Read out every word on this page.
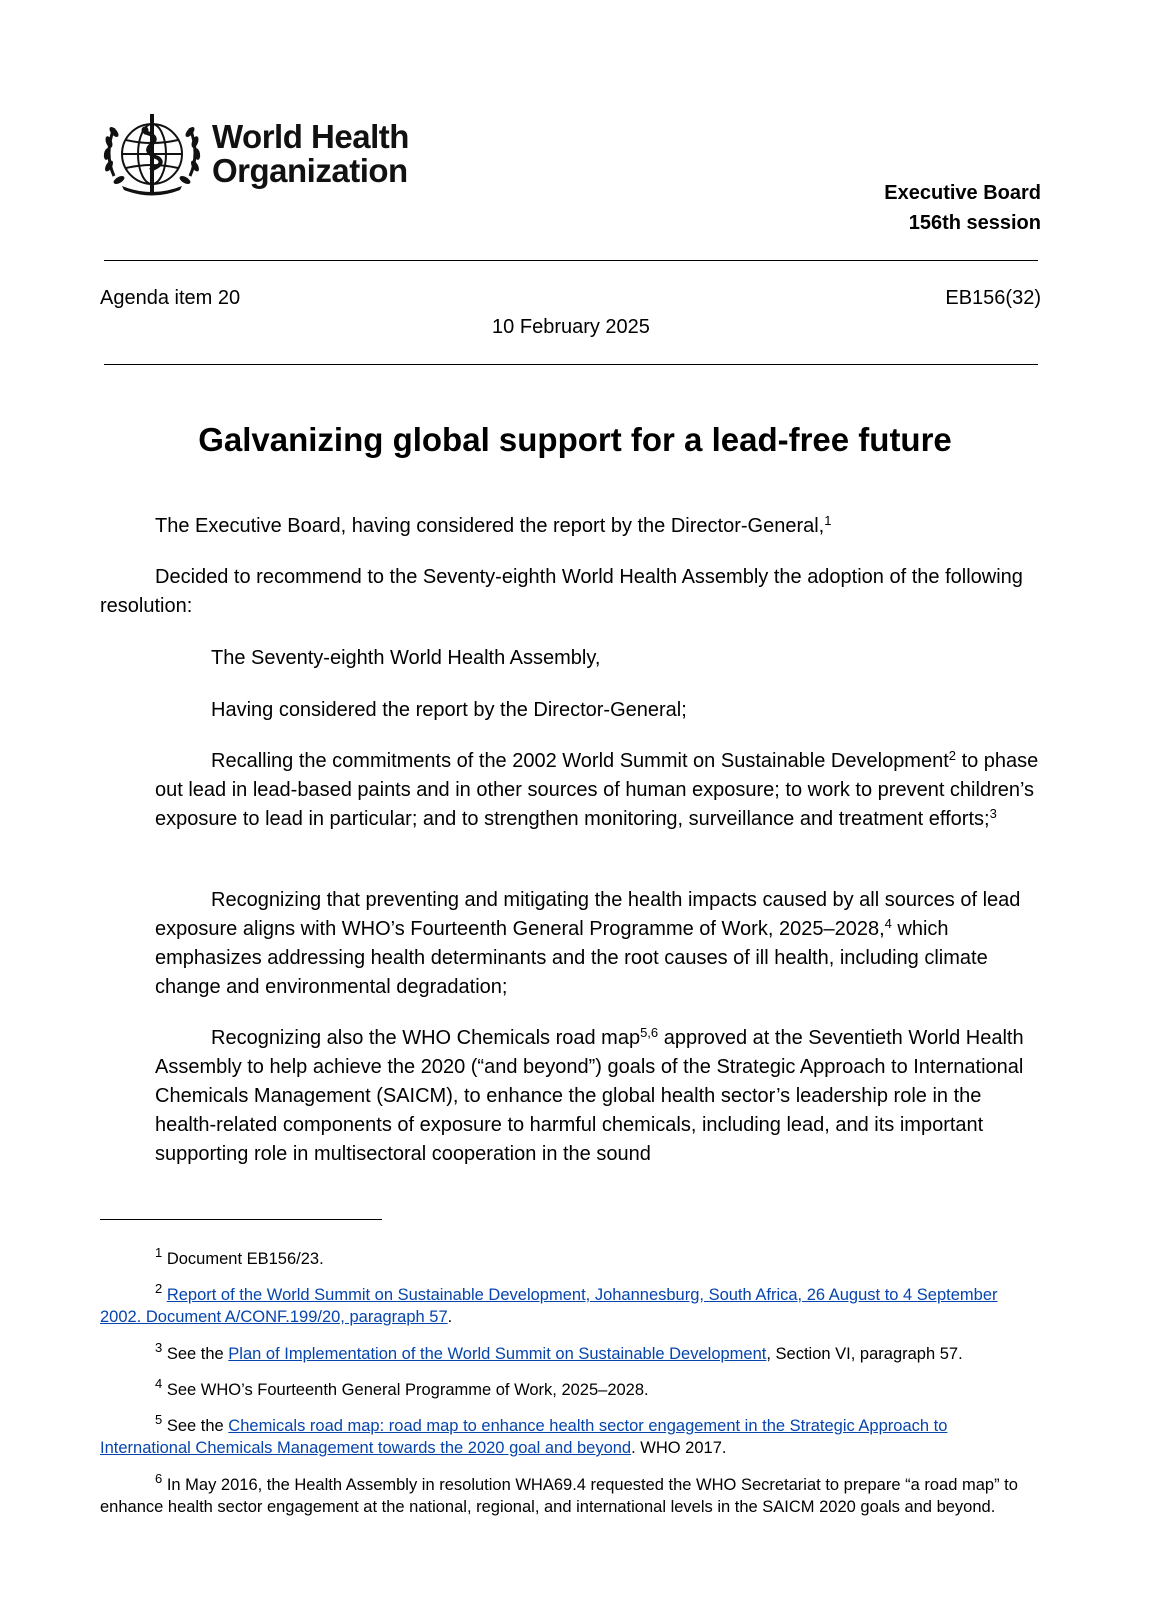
World Health
Organization
Executive Board
156th session
Agenda item 20	EB156(32)
10 February 2025
Galvanizing global support for a lead-free future
The Executive Board, having considered the report by the Director-General,$^1$
Decided to recommend to the Seventy-eighth World Health Assembly the adoption of the following resolution:
The Seventy-eighth World Health Assembly,
Having considered the report by the Director-General;
Recalling the commitments of the 2002 World Summit on Sustainable Development$^2$ to phase out lead in lead-based paints and in other sources of human exposure; to work to prevent children’s exposure to lead in particular; and to strengthen monitoring, surveillance and treatment efforts;$^3$
Recognizing that preventing and mitigating the health impacts caused by all sources of lead exposure aligns with WHO’s Fourteenth General Programme of Work, 2025–2028,$^4$ which emphasizes addressing health determinants and the root causes of ill health, including climate change and environmental degradation;
Recognizing also the WHO Chemicals road map$^{5,6}$ approved at the Seventieth World Health Assembly to help achieve the 2020 (“and beyond”) goals of the Strategic Approach to International Chemicals Management (SAICM), to enhance the global health sector’s leadership role in the health-related components of exposure to harmful chemicals, including lead, and its important supporting role in multisectoral cooperation in the sound
$^1$ Document EB156/23.
$^2$ Report of the World Summit on Sustainable Development, Johannesburg, South Africa, 26 August to 4 September 2002. Document A/CONF.199/20, paragraph 57.
$^3$ See the Plan of Implementation of the World Summit on Sustainable Development, Section VI, paragraph 57.
$^4$ See WHO’s Fourteenth General Programme of Work, 2025–2028.
$^5$ See the Chemicals road map: road map to enhance health sector engagement in the Strategic Approach to International Chemicals Management towards the 2020 goal and beyond. WHO 2017.
$^6$ In May 2016, the Health Assembly in resolution WHA69.4 requested the WHO Secretariat to prepare “a road map” to enhance health sector engagement at the national, regional, and international levels in the SAICM 2020 goals and beyond.
